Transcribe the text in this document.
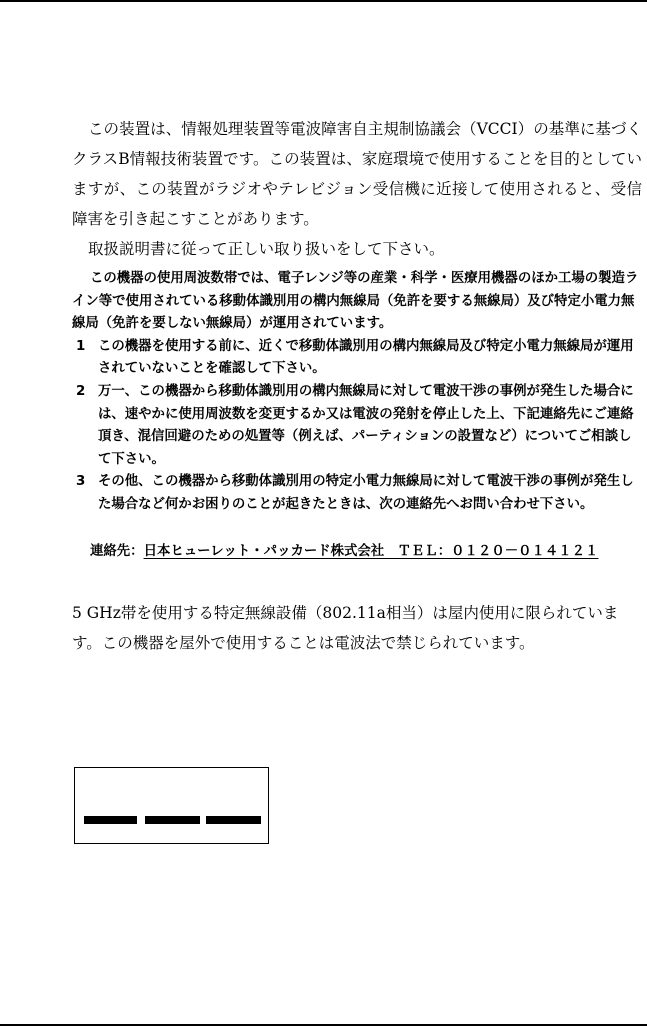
この装置は、情報処理装置等電波障害自主規制協議会（VCCI）の基準に基づくクラスB情報技術装置です。この装置は、家庭環境で使用することを目的としていますが、この装置がラジオやテレビジョン受信機に近接して使用されると、受信障害を引き起こすことがあります。

取扱説明書に従って正しい取り扱いをして下さい。

この機器の使用周波数帯では、電子レンジ等の産業・科学・医療用機器のほか工場の製造ライン等で使用されている移動体識別用の構内無線局（免許を要する無線局）及び特定小電力無線局（免許を要しない無線局）が運用されています。

1 この機器を使用する前に、近くで移動体識別用の構内無線局及び特定小電力無線局が運用されていないことを確認して下さい。
2 万一、この機器から移動体識別用の構内無線局に対して電波干渉の事例が発生した場合には、速やかに使用周波数を変更するか又は電波の発射を停止した上、下記連絡先にご連絡頂き、混信回避のための処置等（例えば、パーティションの設置など）についてご相談して下さい。
3 その他、この機器から移動体識別用の特定小電力無線局に対して電波干渉の事例が発生した場合など何かお困りのことが起きたときは、次の連絡先へお問い合わせ下さい。
連絡先： 日本ヒューレット・パッカード株式会社　ＴＥＬ：０１２０－０１４１２１

5 GHz帯を使用する特定無線設備（802.11a相当）は屋内使用に限られています。この機器を屋外で使用することは電波法で禁じられています。
